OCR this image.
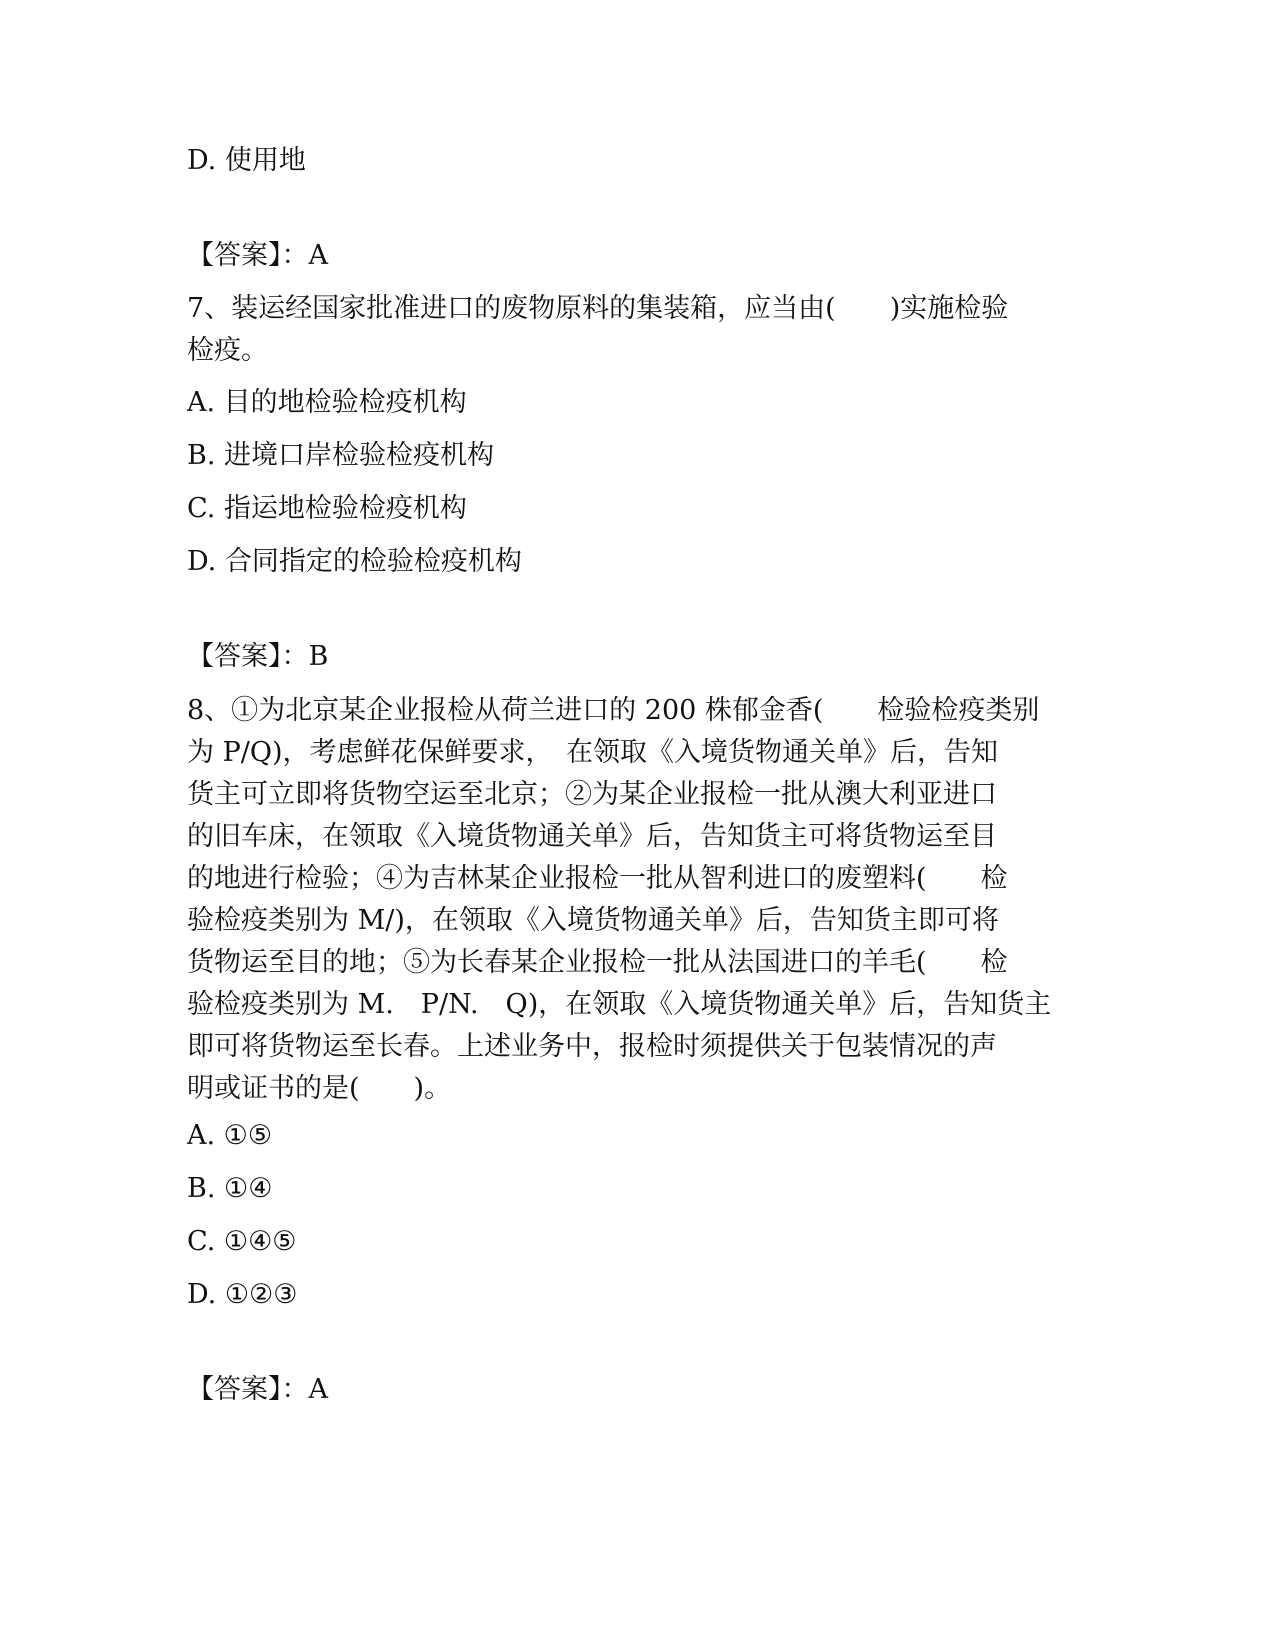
D. 使用地
【答案】：A

7、装运经国家批准进口的废物原料的集装箱，应当由(　　)实施检验

检疫。

A. 目的地检验检疫机构
B. 进境口岸检验检疫机构
C. 指运地检验检疫机构
D. 合同指定的检验检疫机构
【答案】：B

8、①为北京某企业报检从荷兰进口的 200 株郁金香(　　检验检疫类别

为 P/Q)，考虑鲜花保鲜要求，　在领取《入境货物通关单》后，告知

货主可立即将货物空运至北京；②为某企业报检一批从澳大利亚进口

的旧车床，在领取《入境货物通关单》后，告知货主可将货物运至目

的地进行检验；④为吉林某企业报检一批从智利进口的废塑料(　　检

验检疫类别为 M/)，在领取《入境货物通关单》后，告知货主即可将

货物运至目的地；⑤为长春某企业报检一批从法国进口的羊毛(　　检

验检疫类别为 M.　P/N.　Q)，在领取《入境货物通关单》后，告知货主

即可将货物运至长春。上述业务中，报检时须提供关于包装情况的声

明或证书的是(　　)。

A. ①⑤
B. ①④
C. ①④⑤
D. ①②③
【答案】：A
